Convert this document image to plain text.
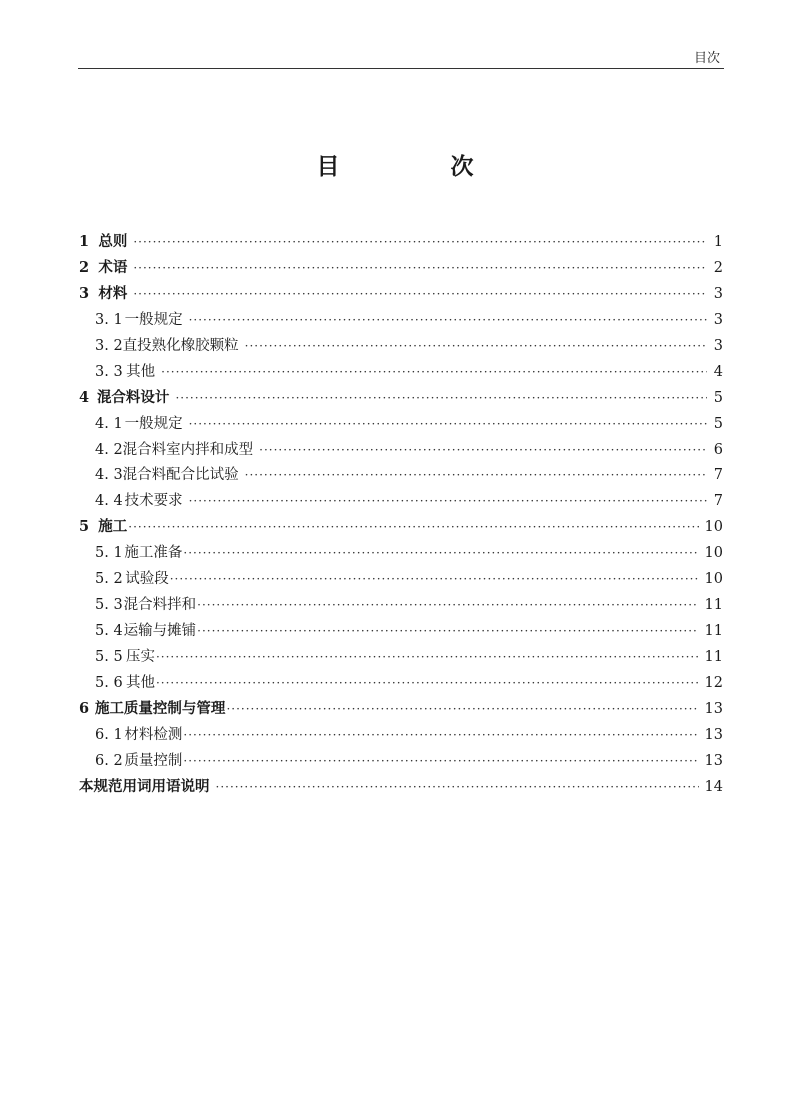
目次
目　次
1 总则 ·····	1
2 术语 ·····	2
3 材料 ·····	3
3. 1 一般规定 ·····	3
3. 2 直投熟化橡胶颗粒 ·····	3
3. 3 其他 ·····	4
4 混合料设计 ·····	5
4. 1 一般规定 ·····	5
4. 2 混合料室内拌和成型 ·····	6
4. 3 混合料配合比试验 ·····	7
4. 4 技术要求 ·····	7
5 施工 ·····	10
5. 1 施工准备 ·····	10
5. 2 试验段 ·····	10
5. 3 混合料拌和 ·····	11
5. 4 运输与摊铺 ·····	11
5. 5 压实 ·····	11
5. 6 其他 ·····	12
6 施工质量控制与管理 ·····	13
6. 1 材料检测 ·····	13
6. 2 质量控制 ·····	13
本规范用词用语说明 ·····	14
